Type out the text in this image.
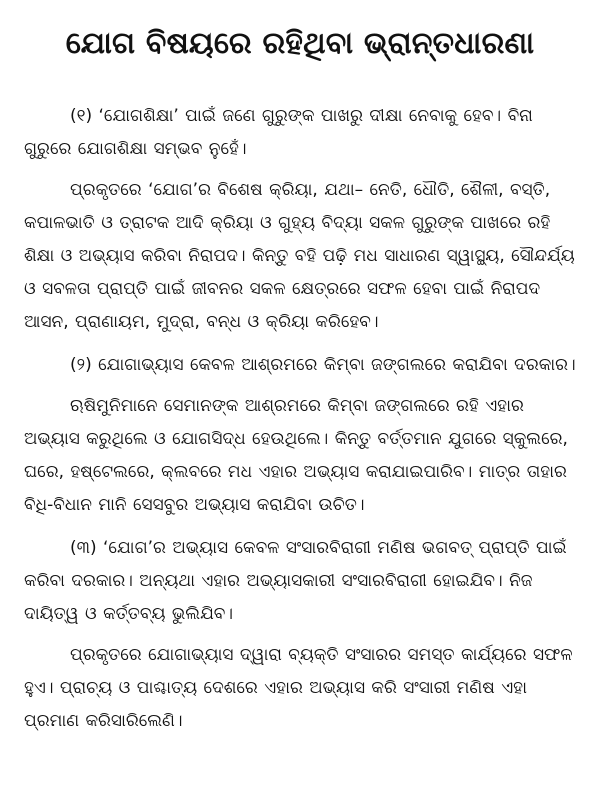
ଯୋଗ ବିଷୟରେ ରହିଥିବା ଭ୍ରାନ୍ତଧାରଣା

(୧) ‘ଯୋଗଶିକ୍ଷା’ ପାଇଁ ଜଣେ ଗୁରୁଙ୍କ ପାଖରୁ ଦୀକ୍ଷା ନେବାକୁ ହେବ। ବିନା ଗୁରୁରେ ଯୋଗଶିକ୍ଷା ସମ୍ଭବ ନୁହେଁ।

ପ୍ରକୃତରେ ‘ଯୋଗ’ର ବିଶେଷ କ୍ରିୟା, ଯଥା– ନେତି, ଧୌତି, ଶୈଳୀ, ବସ୍ତି, କପାଳଭାତି ଓ ତ୍ରାଟକ ଆଦି କ୍ରିୟା ଓ ଗୁହ୍ୟ ବିଦ୍ୟା ସକଳ ଗୁରୁଙ୍କ ପାଖରେ ରହି ଶିକ୍ଷା ଓ ଅଭ୍ୟାସ କରିବା ନିରାପଦ। କିନ୍ତୁ ବହି ପଢ଼ି ମଧ ସାଧାରଣ ସ୍ୱାସ୍ଥ୍ୟ, ସୌନ୍ଦର୍ଯ୍ୟ ଓ ସବଳତା ପ୍ରାପ୍ତି ପାଇଁ ଜୀବନର ସକଳ କ୍ଷେତ୍ରରେ ସଫଳ ହେବା ପାଇଁ ନିରାପଦ ଆସନ, ପ୍ରାଣାୟମ, ମୁଦ୍ରା, ବନ୍ଧ ଓ କ୍ରିୟା କରିହେବ।

(୨) ଯୋଗାଭ୍ୟାସ କେବଳ ଆଶ୍ରମରେ କିମ୍ବା ଜଙ୍ଗଲରେ କରାଯିବା ଦରକାର।

ଋଷିମୁନିମାନେ ସେମାନଙ୍କ ଆଶ୍ରମରେ କିମ୍ବା ଜଙ୍ଗଲରେ ରହି ଏହାର ଅଭ୍ୟାସ କରୁଥିଲେ ଓ ଯୋଗସିଦ୍ଧ ହେଉଥିଲେ। କିନ୍ତୁ ବର୍ତ୍ତମାନ ଯୁଗରେ ସ୍କୁଲରେ, ଘରେ, ହଷ୍ଟେଲରେ, କ୍ଲବରେ ମଧ ଏହାର ଅଭ୍ୟାସ କରାଯାଇପାରିବ। ମାତ୍ର ତାହାର ବିଧି-ବିଧାନ ମାନି ସେସବୁର ଅଭ୍ୟାସ କରାଯିବା ଉଚିତ।

(୩) ‘ଯୋଗ’ର ଅଭ୍ୟାସ କେବଳ ସଂସାରବିରାଗୀ ମଣିଷ ଭଗବତ୍ ପ୍ରାପ୍ତି ପାଇଁ କରିବା ଦରକାର। ଅନ୍ୟଥା ଏହାର ଅଭ୍ୟାସକାରୀ ସଂସାରବିରାଗୀ ହୋଇଯିବ। ନିଜ ଦାୟିତ୍ୱ ଓ କର୍ତ୍ତବ୍ୟ ଭୁଲିଯିବ।

ପ୍ରକୃତରେ ଯୋଗାଭ୍ୟାସ ଦ୍ୱାରା ବ୍ୟକ୍ତି ସଂସାରର ସମସ୍ତ କାର୍ଯ୍ୟରେ ସଫଳ ହୁଏ। ପ୍ରାଚ୍ୟ ଓ ପାଶ୍ଚାତ୍ୟ ଦେଶରେ ଏହାର ଅଭ୍ୟାସ କରି ସଂସାରୀ ମଣିଷ ଏହା ପ୍ରମାଣ କରିସାରିଲେଣି।
